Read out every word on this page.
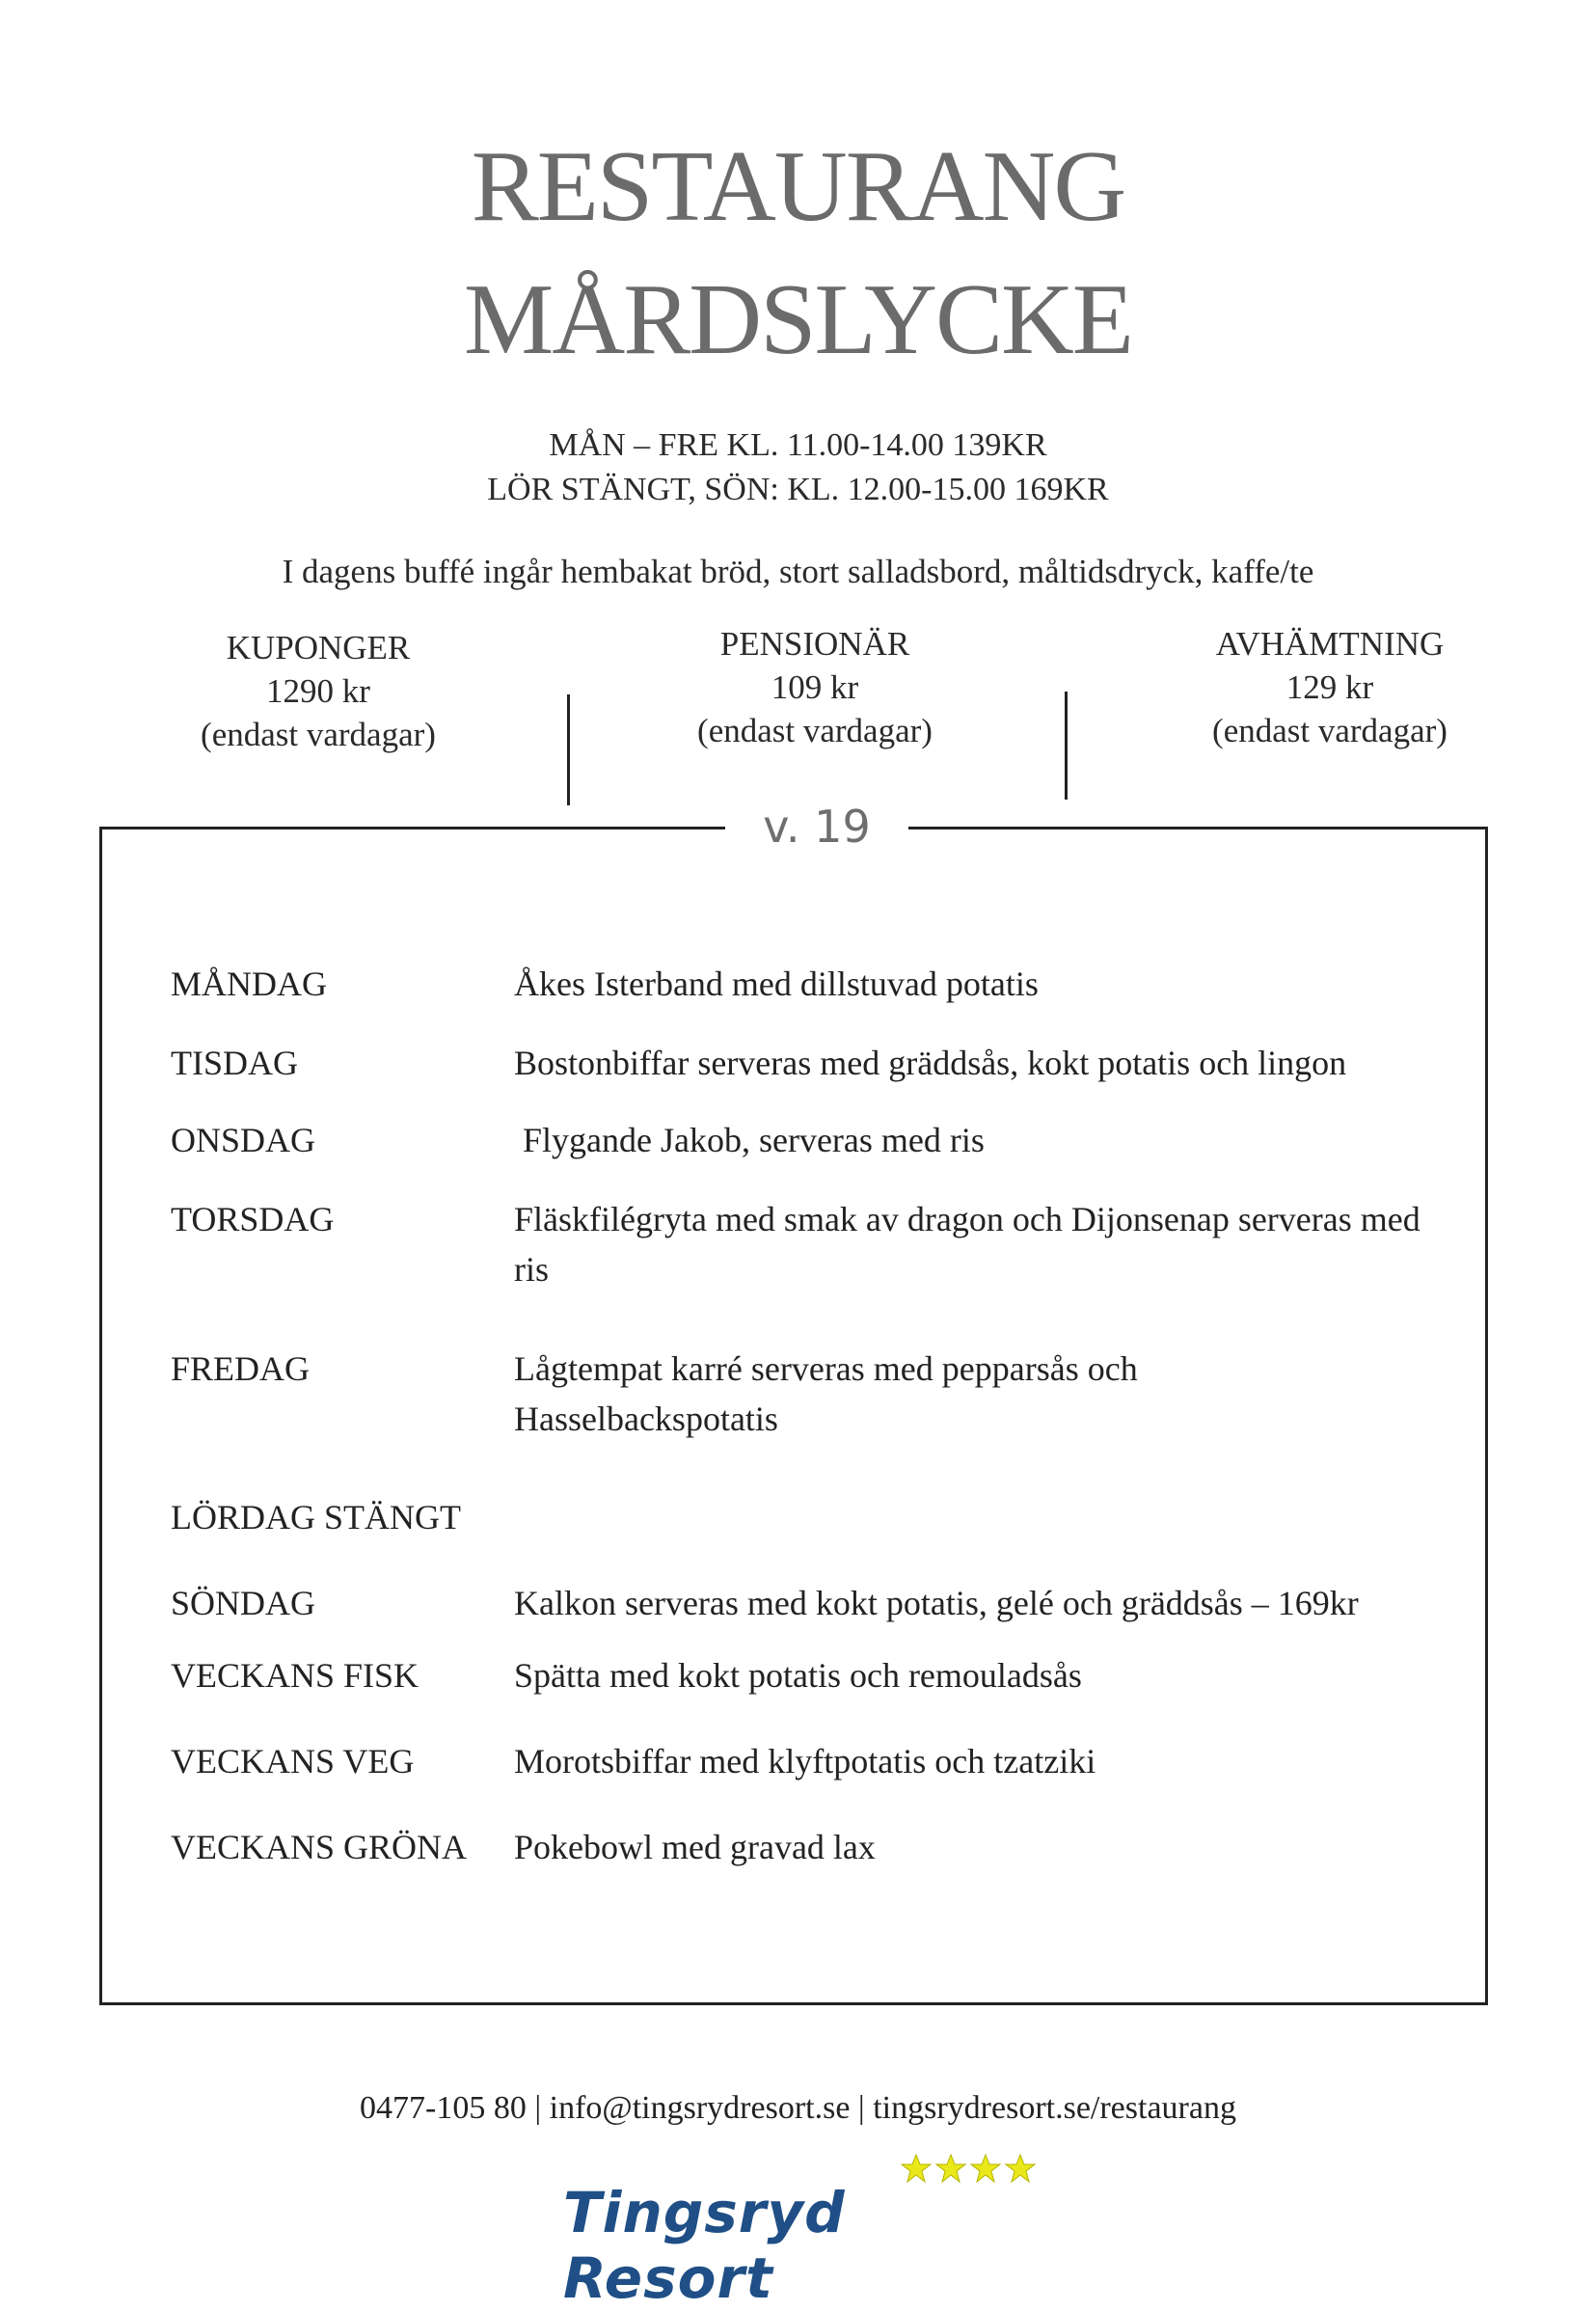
RESTAURANG
MÅRDSLYCKE
MÅN – FRE KL. 11.00-14.00 139KR
LÖR STÄNGT, SÖN: KL. 12.00-15.00 169KR
I dagens buffé ingår hembakat bröd, stort salladsbord, måltidsdryck, kaffe/te
KUPONGER
1290 kr
(endast vardagar)
PENSIONÄR
109 kr
(endast vardagar)
AVHÄMTNING
129 kr
(endast vardagar)
v. 19
MÅNDAG	Åkes Isterband med dillstuvad potatis
TISDAG	Bostonbiffar serveras med gräddsås, kokt potatis och lingon
ONSDAG	Flygande Jakob, serveras med ris
TORSDAG	Fläskfilégryta med smak av dragon och Dijonsenap serveras med ris
FREDAG	Lågtempat karré serveras med pepparsås och Hasselbackspotatis
LÖRDAG STÄNGT
SÖNDAG	Kalkon serveras med kokt potatis, gelé och gräddsås – 169kr
VECKANS FISK	Spätta med kokt potatis och remouladsås
VECKANS VEG	Morotsbiffar med klyftpotatis och tzatziki
VECKANS GRÖNA	Pokebowl med gravad lax
0477-105 80 | info@tingsrydresort.se | tingsrydresort.se/restaurang
Tingsryd Resort
